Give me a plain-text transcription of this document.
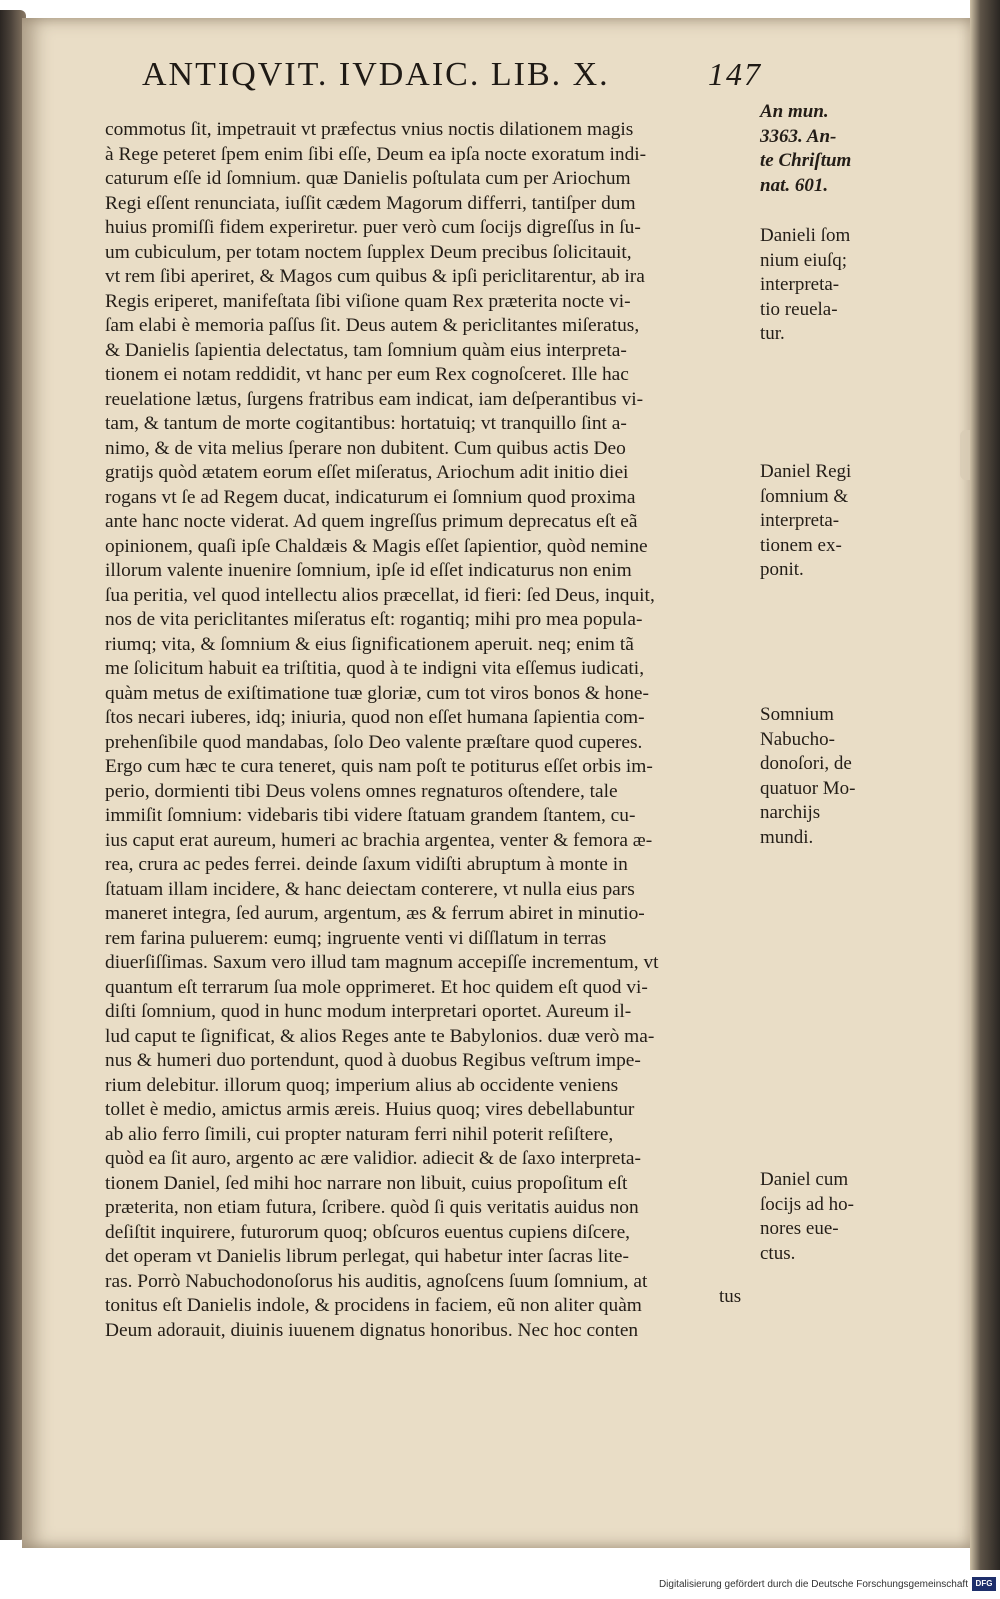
ANTIQVIT. IVDAIC. LIB. X.	147
commotus ſit, impetrauit vt præfectus vnius noctis dilationem magis
à Rege peteret ſpem enim ſibi eſſe, Deum ea ipſa nocte exoratum indi-
caturum eſſe id ſomnium. quæ Danielis poſtulata cum per Ariochum
Regi eſſent renunciata, iuſſit cædem Magorum differri, tantiſper dum
huius promiſſi fidem experiretur. puer verò cum ſocijs digreſſus in ſu-
um cubiculum, per totam noctem ſupplex Deum precibus ſolicitauit,
vt rem ſibi aperiret, & Magos cum quibus & ipſi periclitarentur, ab ira
Regis eriperet, manifeſtata ſibi viſione quam Rex præterita nocte vi-
ſam elabi è memoria paſſus ſit. Deus autem & periclitantes miſeratus,
& Danielis ſapientia delectatus, tam ſomnium quàm eius interpreta-
tionem ei notam reddidit, vt hanc per eum Rex cognoſceret. Ille hac
reuelatione lætus, ſurgens fratribus eam indicat, iam deſperantibus vi-
tam, & tantum de morte cogitantibus: hortatuiq; vt tranquillo ſint a-
nimo, & de vita melius ſperare non dubitent. Cum quibus actis Deo
gratijs quòd ætatem eorum eſſet miſeratus, Ariochum adit initio diei
rogans vt ſe ad Regem ducat, indicaturum ei ſomnium quod proxima
ante hanc nocte viderat. Ad quem ingreſſus primum deprecatus eſt eã
opinionem, quaſi ipſe Chaldæis & Magis eſſet ſapientior, quòd nemine
illorum valente inuenire ſomnium, ipſe id eſſet indicaturus non enim
ſua peritia, vel quod intellectu alios præcellat, id fieri: ſed Deus, inquit,
nos de vita periclitantes miſeratus eſt: rogantiq; mihi pro mea popula-
riumq; vita, & ſomnium & eius ſignificationem aperuit. neq; enim tã
me ſolicitum habuit ea triſtitia, quod à te indigni vita eſſemus iudicati,
quàm metus de exiſtimatione tuæ gloriæ, cum tot viros bonos & hone-
ſtos necari iuberes, idq; iniuria, quod non eſſet humana ſapientia com-
prehenſibile quod mandabas, ſolo Deo valente præſtare quod cuperes.
Ergo cum hæc te cura teneret, quis nam poſt te potiturus eſſet orbis im-
perio, dormienti tibi Deus volens omnes regnaturos oſtendere, tale
immiſit ſomnium: videbaris tibi videre ſtatuam grandem ſtantem, cu-
ius caput erat aureum, humeri ac brachia argentea, venter & femora æ-
rea, crura ac pedes ferrei. deinde ſaxum vidiſti abruptum à monte in
ſtatuam illam incidere, & hanc deiectam conterere, vt nulla eius pars
maneret integra, ſed aurum, argentum, æs & ferrum abiret in minutio-
rem farina puluerem: eumq; ingruente venti vi diſſlatum in terras
diuerſiſſimas. Saxum vero illud tam magnum accepiſſe incrementum, vt
quantum eſt terrarum ſua mole opprimeret. Et hoc quidem eſt quod vi-
diſti ſomnium, quod in hunc modum interpretari oportet. Aureum il-
lud caput te ſignificat, & alios Reges ante te Babylonios. duæ verò ma-
nus & humeri duo portendunt, quod à duobus Regibus veſtrum impe-
rium delebitur. illorum quoq; imperium alius ab occidente veniens
tollet è medio, amictus armis æreis. Huius quoq; vires debellabuntur
ab alio ferro ſimili, cui propter naturam ferri nihil poterit reſiſtere,
quòd ea ſit auro, argento ac ære validior. adiecit & de ſaxo interpreta-
tionem Daniel, ſed mihi hoc narrare non libuit, cuius propoſitum eſt
præterita, non etiam futura, ſcribere. quòd ſi quis veritatis auidus non
deſiſtit inquirere, futurorum quoq; obſcuros euentus cupiens diſcere,
det operam vt Danielis librum perlegat, qui habetur inter ſacras lite-
ras. Porrò Nabuchodonoſorus his auditis, agnoſcens ſuum ſomnium, at
tonitus eſt Danielis indole, & procidens in faciem, eũ non aliter quàm
Deum adorauit, diuinis iuuenem dignatus honoribus. Nec hoc conten
tus
An mun.
3363. An-
te Chriſtum
nat. 601.
Danieli ſom
nium eiuſq;
interpreta-
tio reuela-
tur.
Daniel Regi
ſomnium &
interpreta-
tionem ex-
ponit.
Somnium
Nabucho-
donoſori, de
quatuor Mo-
narchijs
mundi.
Daniel cum
ſocijs ad ho-
nores eue-
ctus.
Digitalisierung gefördert durch die Deutsche Forschungsgemeinschaft DFG
